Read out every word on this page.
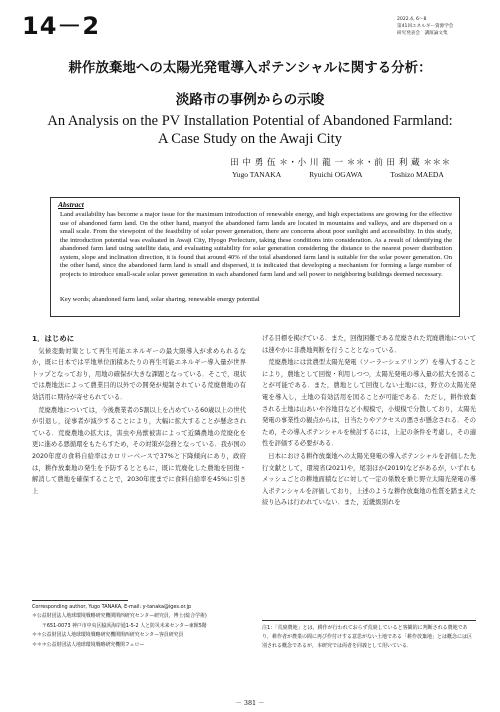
14－2	2022.4, 6～8
第41回エネルギー資源学会
研究発表会　講演論文集
耕作放棄地への太陽光発電導入ポテンシャルに関する分析：
淡路市の事例からの示唆
An Analysis on the PV Installation Potential of Abandoned Farmland:
A Case Study on the Awaji City
田 中 勇 伍 ＊・小 川 龍 一 ＊＊・前 田 利 蔵 ＊＊＊
Yugo TANAKA	Ryuichi OGAWA	Toshizo MAEDA
Abstract
Land availability has become a major issue for the maximum introduction of renewable energy, and high expectations are growing for the effective use of abandoned farm land. On the other hand, manyof the abandoned farm lands are located in mountains and valleys, and are dispersed on a small scale. From the viewpoint of the feasibility of solar power generation, there are concerns about poor sunlight and accessibility. In this study, the introduction potential was evaluated in Awaji City, Hyogo Prefecture, taking these conditions into consideration. As a result of identifying the abandoned farm land using satellite data, and evaluating suitability for solar generation considering the distance to the nearest power distribution system, slope and inclination direction, it is found that around 40% of the total abandoned farm land is suitable for the solar power generation. On the other hand, since the abandoned farm land is small and dispersed, it is indicated that developing a mechanism for forming a large number of projects to introduce small-scale solar power generation in each abandoned farm land and sell power to neighboring buildings deemed necessary.
Key words; abandoned farm land, solar sharing, renewable energy potential
1．はじめに

気候変動対策として再生可能エネルギーの最大限導入が求められるなか，既に日本では平地単位面積あたりの再生可能エネルギー導入量が世界トップとなっており，用地の確保が大きな課題となっている．そこで，現状では農地法によって農業目的以外での開発が規制されている荒廃農地の有効活用に期待が寄せられている．

荒廃農地については，今後農業者の5割以上を占めている60歳以上の世代が引退し，従事者が減少することにより，大幅に拡大することが懸念されている．荒廃農地の拡大は，害虫や鳥獣被害によって近隣農地の荒廃化を更に進める悪循環をもたらすため，その対策が急務となっている．我が国の2020年度の食料自給率はカロリーベースで37%と下降傾向にあり，政府は，耕作放棄地の発生を予防するとともに，既に荒廃化した農地を回復・解消して農地を確保することで，2030年度までに食料自給率を45%に引き上

げる目標を掲げている．また，回復困難である荒廃された荒廃農地については速やかに非農地判断を行うこととなっている．

荒廃農地には営農型太陽光発電（ソーラーシェアリング）を導入することにより，農地として回復・利用しつつ，太陽光発電の導入量の拡大を図ることが可能である．また，農地として回復しない土地には，野立の太陽光発電を導入し，土地の有効活用を図ることが可能である．ただし，耕作放棄される土地は山あいや谷地目など小規模で，小規模で分散しており，太陽光発電の事業性の観点からは，日当たりやアクセスの悪さが懸念される．そのため，その導入ポテンシャルを検討するには，上記の条件を考慮し，その適性を評価する必要がある．

日本における耕作放棄地への太陽光発電の導入ポテンシャルを評価した先行文献として，環境省(2021)や，尾羽ほか(2019)などがあるが，いずれもメッシュごとの耕地面積などに対して一定の係数を乗じ野立太陽光発電の導入ポテンシャルを評価しており，上述のような耕作放棄地の性質を踏まえた絞り込みは行われていない．また，近畿級別れを

Corresponding author, Yugo TANAKA, E-mail: y-tanaka@iges.or.jp

＊公益財団法人地球環境戦略研究機関関西研究センター研究員，博士(総合学術)

〒651-0073 神戸市中央区脇浜海岸通1-5-2 人と防災未来センター東館5階

＊＊公益財団法人地球環境戦略研究機関関西研究センター客員研究員

＊＊＊公益財団法人地球環境戦略研究機関フェロー

注1：「荒廃農地」とは，耕作が行われておらず荒廃していると客観的に判断される農地であり，耕作者が農業の間に再び作付けする意思がない土地である「耕作放棄地」とは概念には区別される概念であるが，本研究では両者を同義として用いている．

－ 381 －
